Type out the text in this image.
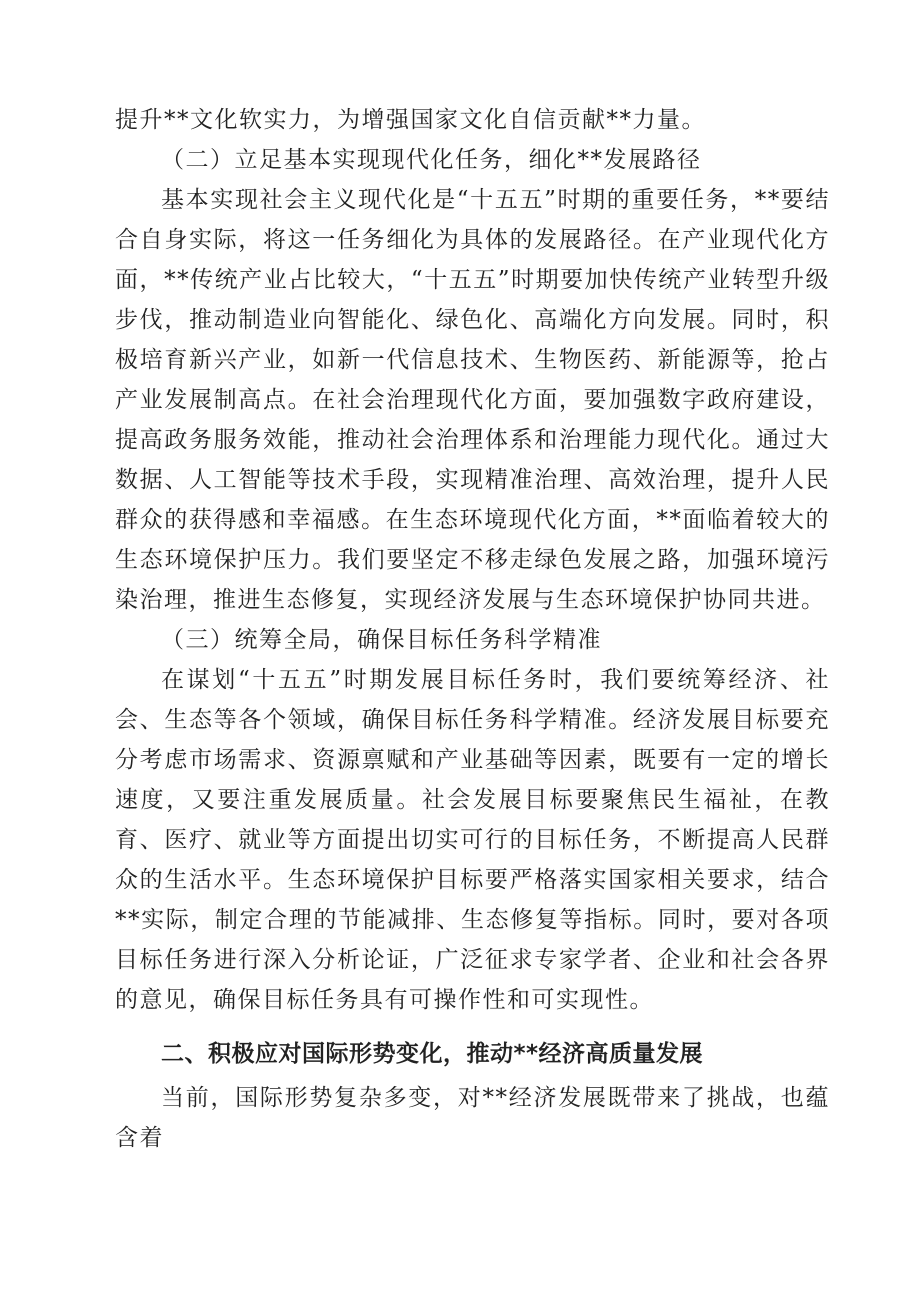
提升**文化软实力，为增强国家文化自信贡献**力量。

（二）立足基本实现现代化任务，细化**发展路径

基本实现社会主义现代化是“十五五”时期的重要任务，**要结合自身实际，将这一任务细化为具体的发展路径。在产业现代化方面，**传统产业占比较大，“十五五”时期要加快传统产业转型升级步伐，推动制造业向智能化、绿色化、高端化方向发展。同时，积极培育新兴产业，如新一代信息技术、生物医药、新能源等，抢占产业发展制高点。在社会治理现代化方面，要加强数字政府建设，提高政务服务效能，推动社会治理体系和治理能力现代化。通过大数据、人工智能等技术手段，实现精准治理、高效治理，提升人民群众的获得感和幸福感。在生态环境现代化方面，**面临着较大的生态环境保护压力。我们要坚定不移走绿色发展之路，加强环境污染治理，推进生态修复，实现经济发展与生态环境保护协同共进。

（三）统筹全局，确保目标任务科学精准

在谋划“十五五”时期发展目标任务时，我们要统筹经济、社会、生态等各个领域，确保目标任务科学精准。经济发展目标要充分考虑市场需求、资源禀赋和产业基础等因素，既要有一定的增长速度，又要注重发展质量。社会发展目标要聚焦民生福祉，在教育、医疗、就业等方面提出切实可行的目标任务，不断提高人民群众的生活水平。生态环境保护目标要严格落实国家相关要求，结合**实际，制定合理的节能减排、生态修复等指标。同时，要对各项目标任务进行深入分析论证，广泛征求专家学者、企业和社会各界的意见，确保目标任务具有可操作性和可实现性。

二、积极应对国际形势变化，推动**经济高质量发展

当前，国际形势复杂多变，对**经济发展既带来了挑战，也蕴含着
